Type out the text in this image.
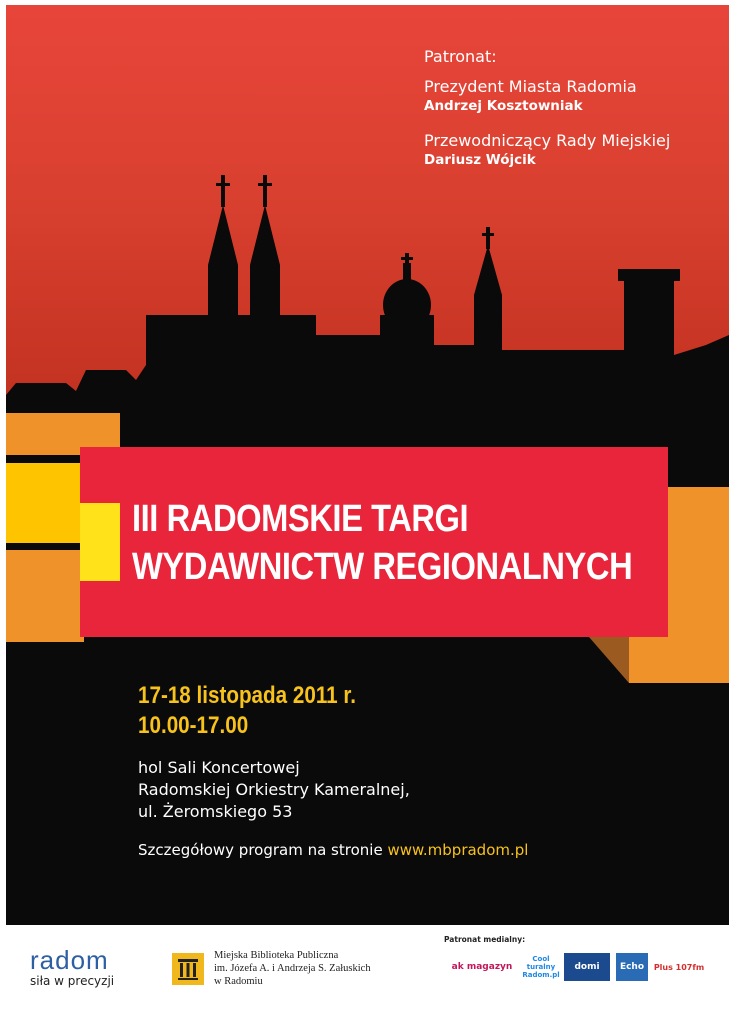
Patronat:
Prezydent Miasta Radomia
Andrzej Kosztowniak
Przewodniczący Rady Miejskiej
Dariusz Wójcik
III RADOMSKIE TARGI
WYDAWNICTW REGIONALNYCH
17-18 listopada 2011 r.
10.00-17.00
hol Sali Koncertowej
Radomskiej Orkiestry Kameralnej,
ul. Żeromskiego 53
Szczegółowy program na stronie www.mbpradom.pl
radom
siła w precyzji
Miejska Biblioteka Publiczna
im. Józefa A. i Andrzeja S. Załuskich
w Radomiu
Patronat medialny:
ak magazyn
Cool turalny Radom.pl
domi	Echo	Plus 107fm
